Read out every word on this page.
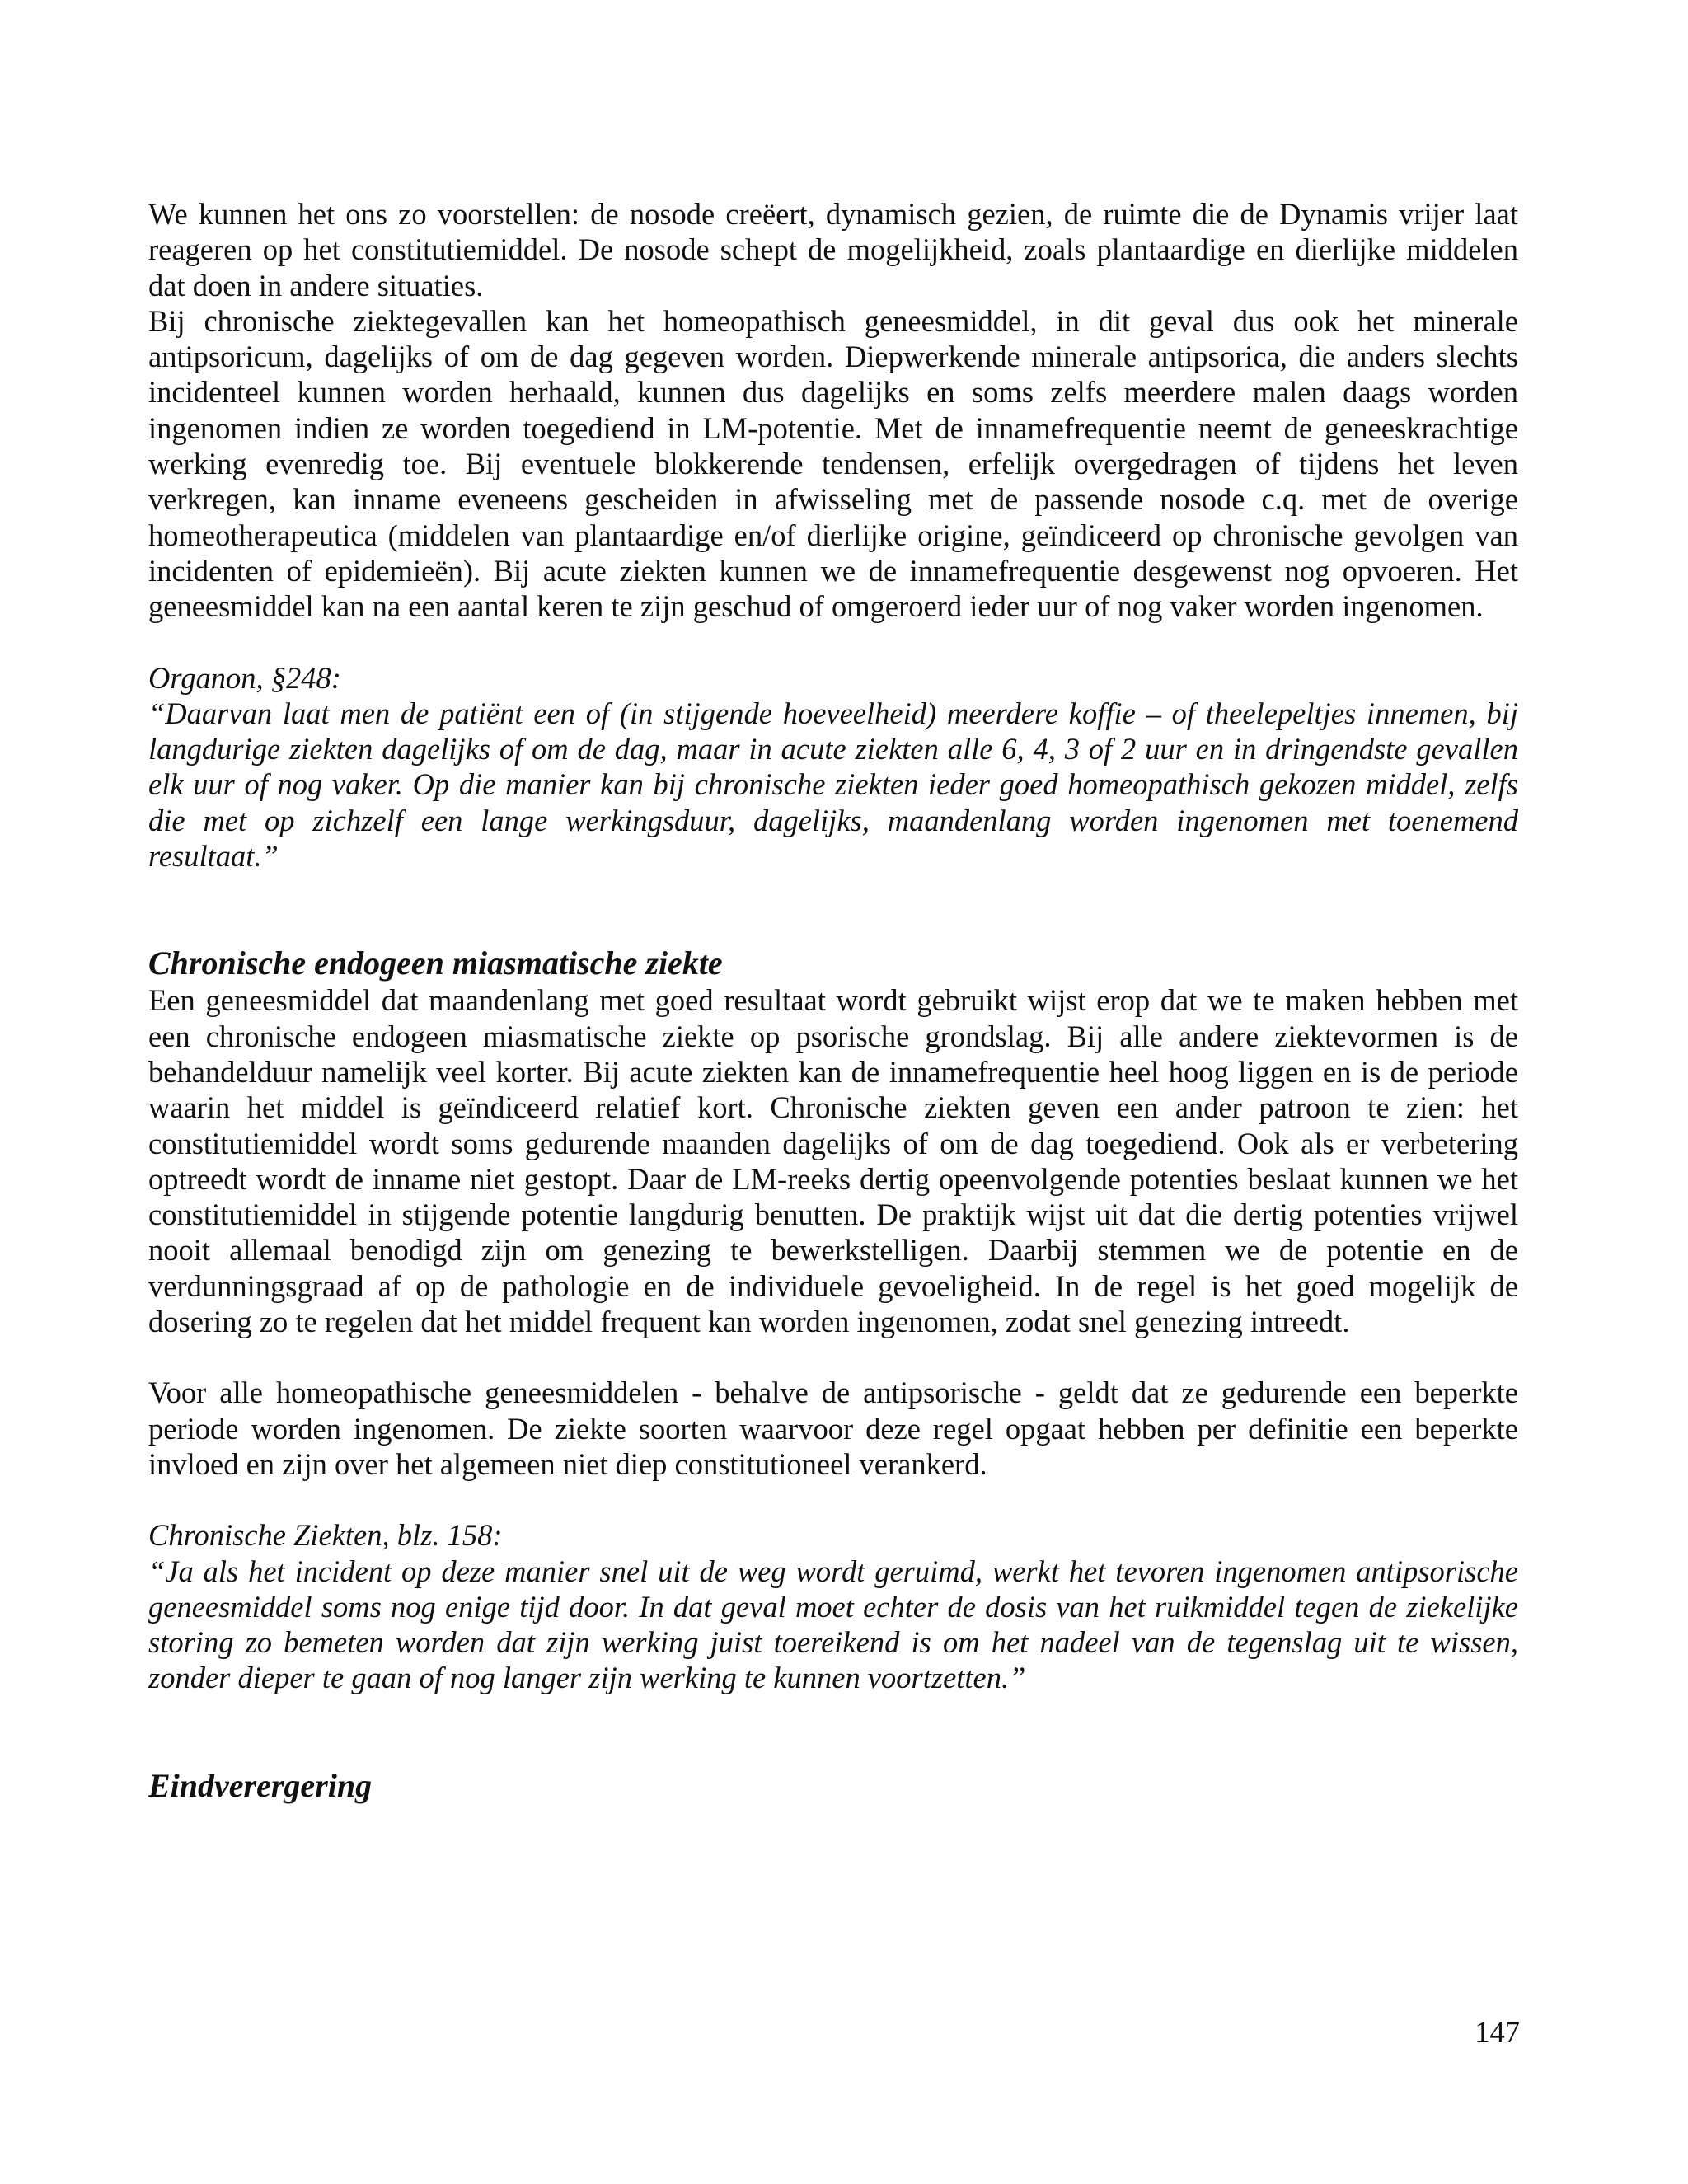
We kunnen het ons zo voorstellen: de nosode creëert, dynamisch gezien, de ruimte die de Dynamis vrijer laat reageren op het constitutiemiddel. De nosode schept de mogelijkheid, zoals plantaardige en dierlijke middelen dat doen in andere situaties.

Bij chronische ziektegevallen kan het homeopathisch geneesmiddel, in dit geval dus ook het minerale antipsoricum, dagelijks of om de dag gegeven worden. Diepwerkende minerale antipsorica, die anders slechts incidenteel kunnen worden herhaald, kunnen dus dagelijks en soms zelfs meerdere malen daags worden ingenomen indien ze worden toegediend in LM-potentie. Met de innamefrequentie neemt de geneeskrachtige werking evenredig toe. Bij eventuele blokkerende tendensen, erfelijk overgedragen of tijdens het leven verkregen, kan inname eveneens gescheiden in afwisseling met de passende nosode c.q. met de overige homeotherapeutica (middelen van plantaardige en/of dierlijke origine, geïndiceerd op chronische gevolgen van incidenten of epidemieën). Bij acute ziekten kunnen we de innamefrequentie desgewenst nog opvoeren. Het geneesmiddel kan na een aantal keren te zijn geschud of omgeroerd ieder uur of nog vaker worden ingenomen.

Organon, §248:

“Daarvan laat men de patiënt een of (in stijgende hoeveelheid) meerdere koffie – of theelepeltjes innemen, bij langdurige ziekten dagelijks of om de dag, maar in acute ziekten alle 6, 4, 3 of 2 uur en in dringendste gevallen elk uur of nog vaker. Op die manier kan bij chronische ziekten ieder goed homeopathisch gekozen middel, zelfs die met op zichzelf een lange werkingsduur, dagelijks, maandenlang worden ingenomen met toenemend resultaat.”

Chronische endogeen miasmatische ziekte

Een geneesmiddel dat maandenlang met goed resultaat wordt gebruikt wijst erop dat we te maken hebben met een chronische endogeen miasmatische ziekte op psorische grondslag. Bij alle andere ziektevormen is de behandelduur namelijk veel korter. Bij acute ziekten kan de innamefrequentie heel hoog liggen en is de periode waarin het middel is geïndiceerd relatief kort. Chronische ziekten geven een ander patroon te zien: het constitutiemiddel wordt soms gedurende maanden dagelijks of om de dag toegediend. Ook als er verbetering optreedt wordt de inname niet gestopt. Daar de LM-reeks dertig opeenvolgende potenties beslaat kunnen we het constitutiemiddel in stijgende potentie langdurig benutten. De praktijk wijst uit dat die dertig potenties vrijwel nooit allemaal benodigd zijn om genezing te bewerkstelligen. Daarbij stemmen we de potentie en de verdunningsgraad af op de pathologie en de individuele gevoeligheid. In de regel is het goed mogelijk de dosering zo te regelen dat het middel frequent kan worden ingenomen, zodat snel genezing intreedt.

Voor alle homeopathische geneesmiddelen - behalve de antipsorische - geldt dat ze gedurende een beperkte periode worden ingenomen. De ziekte soorten waarvoor deze regel opgaat hebben per definitie een beperkte invloed en zijn over het algemeen niet diep constitutioneel verankerd.

Chronische Ziekten, blz. 158:

“Ja als het incident op deze manier snel uit de weg wordt geruimd, werkt het tevoren ingenomen antipsorische geneesmiddel soms nog enige tijd door. In dat geval moet echter de dosis van het ruikmiddel tegen de ziekelijke storing zo bemeten worden dat zijn werking juist toereikend is om het nadeel van de tegenslag uit te wissen, zonder dieper te gaan of nog langer zijn werking te kunnen voortzetten.”

Eindverergering
147
